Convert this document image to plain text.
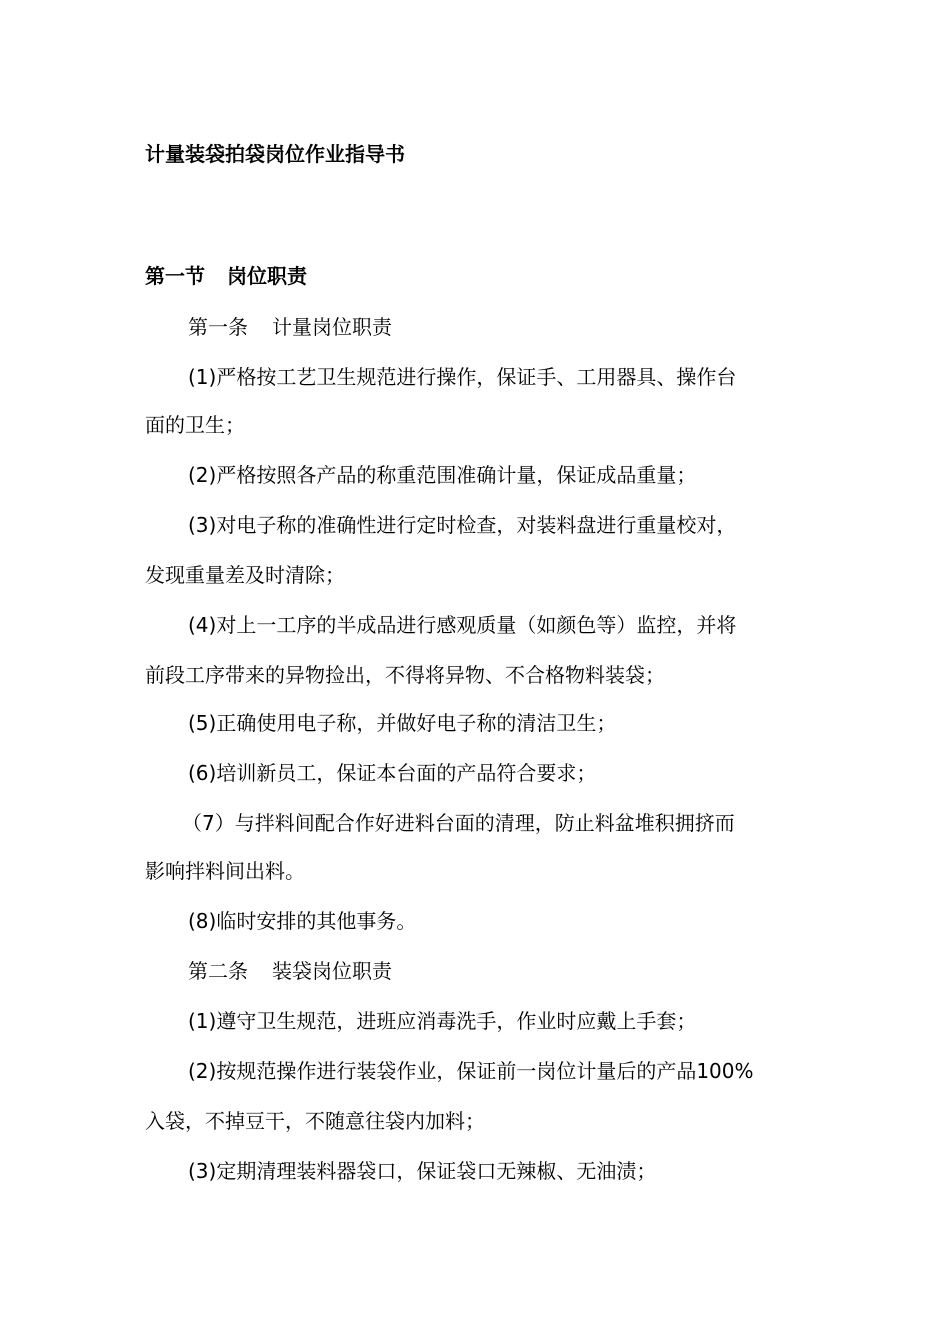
计量装袋拍袋岗位作业指导书
第一节 岗位职责

第一条 计量岗位职责

(1)严格按工艺卫生规范进行操作，保证手、工用器具、操作台

面的卫生；

(2)严格按照各产品的称重范围准确计量，保证成品重量；

(3)对电子称的准确性进行定时检查，对装料盘进行重量校对，

发现重量差及时清除；

(4)对上一工序的半成品进行感观质量（如颜色等）监控，并将

前段工序带来的异物捡出，不得将异物、不合格物料装袋；

(5)正确使用电子称，并做好电子称的清洁卫生；

(6)培训新员工，保证本台面的产品符合要求；

（7）与拌料间配合作好进料台面的清理，防止料盆堆积拥挤而

影响拌料间出料。

(8)临时安排的其他事务。

第二条 装袋岗位职责

(1)遵守卫生规范，进班应消毒洗手，作业时应戴上手套；

(2)按规范操作进行装袋作业，保证前一岗位计量后的产品100%

入袋，不掉豆干，不随意往袋内加料；

(3)定期清理装料器袋口，保证袋口无辣椒、无油渍；
